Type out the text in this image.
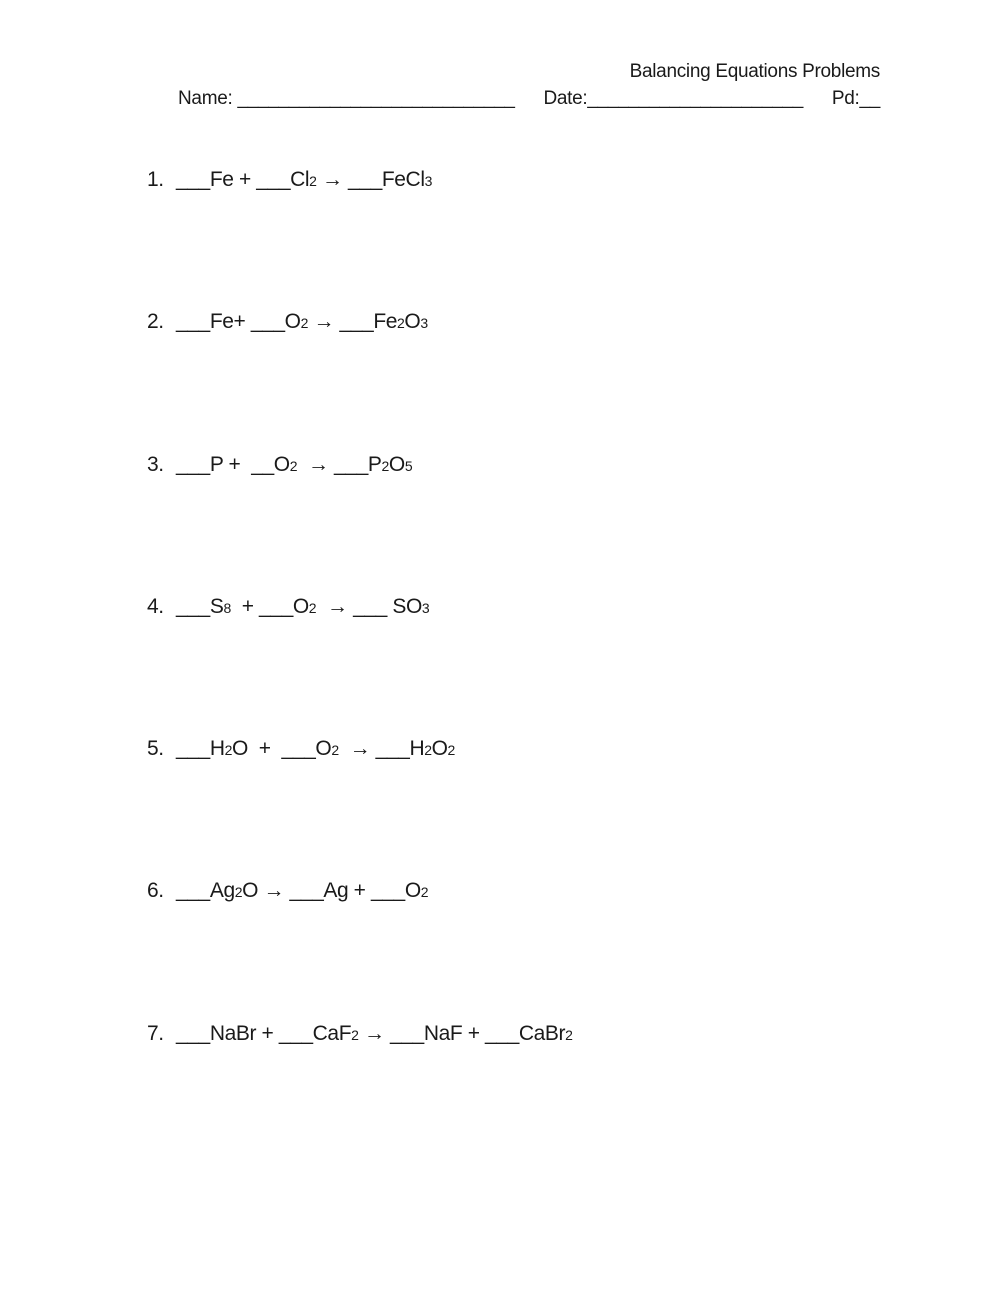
Balancing Equations Problems
Name: ___________________________ Date:_____________________ Pd:__
1. ___Fe + ___Cl2 → ___FeCl3
2. ___Fe+ ___O2 → ___Fe2O3
3. ___P +  __O2  → ___P2O5
4. ___S8  + ___O2  → ___ SO3
5. ___H2O  +  ___O2  → ___H2O2
6. ___Ag2O → ___Ag + ___O2
7. ___NaBr + ___CaF2 → ___NaF + ___CaBr2
